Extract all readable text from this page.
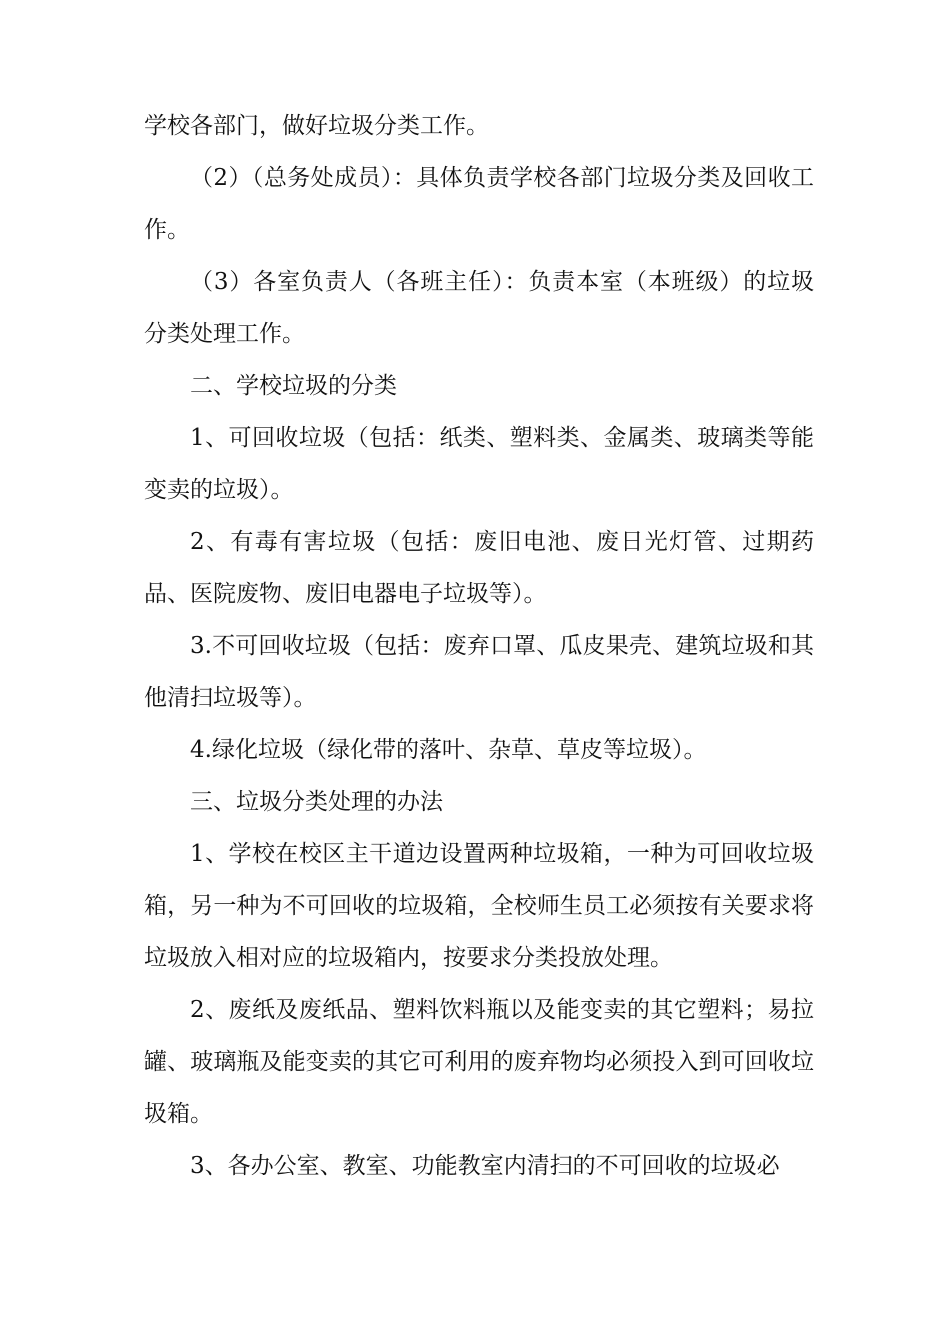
学校各部门，做好垃圾分类工作。

（2）（总务处成员）：具体负责学校各部门垃圾分类及回收工作。

（3）各室负责人（各班主任）：负责本室（本班级）的垃圾分类处理工作。

二、学校垃圾的分类

1、可回收垃圾（包括：纸类、塑料类、金属类、玻璃类等能变卖的垃圾）。

2、有毒有害垃圾（包括：废旧电池、废日光灯管、过期药品、医院废物、废旧电器电子垃圾等）。

3.不可回收垃圾（包括：废弃口罩、瓜皮果壳、建筑垃圾和其他清扫垃圾等）。

4.绿化垃圾（绿化带的落叶、杂草、草皮等垃圾）。

三、垃圾分类处理的办法

1、学校在校区主干道边设置两种垃圾箱，一种为可回收垃圾箱，另一种为不可回收的垃圾箱，全校师生员工必须按有关要求将垃圾放入相对应的垃圾箱内，按要求分类投放处理。

2、废纸及废纸品、塑料饮料瓶以及能变卖的其它塑料；易拉罐、玻璃瓶及能变卖的其它可利用的废弃物均必须投入到可回收垃圾箱。

3、各办公室、教室、功能教室内清扫的不可回收的垃圾必
